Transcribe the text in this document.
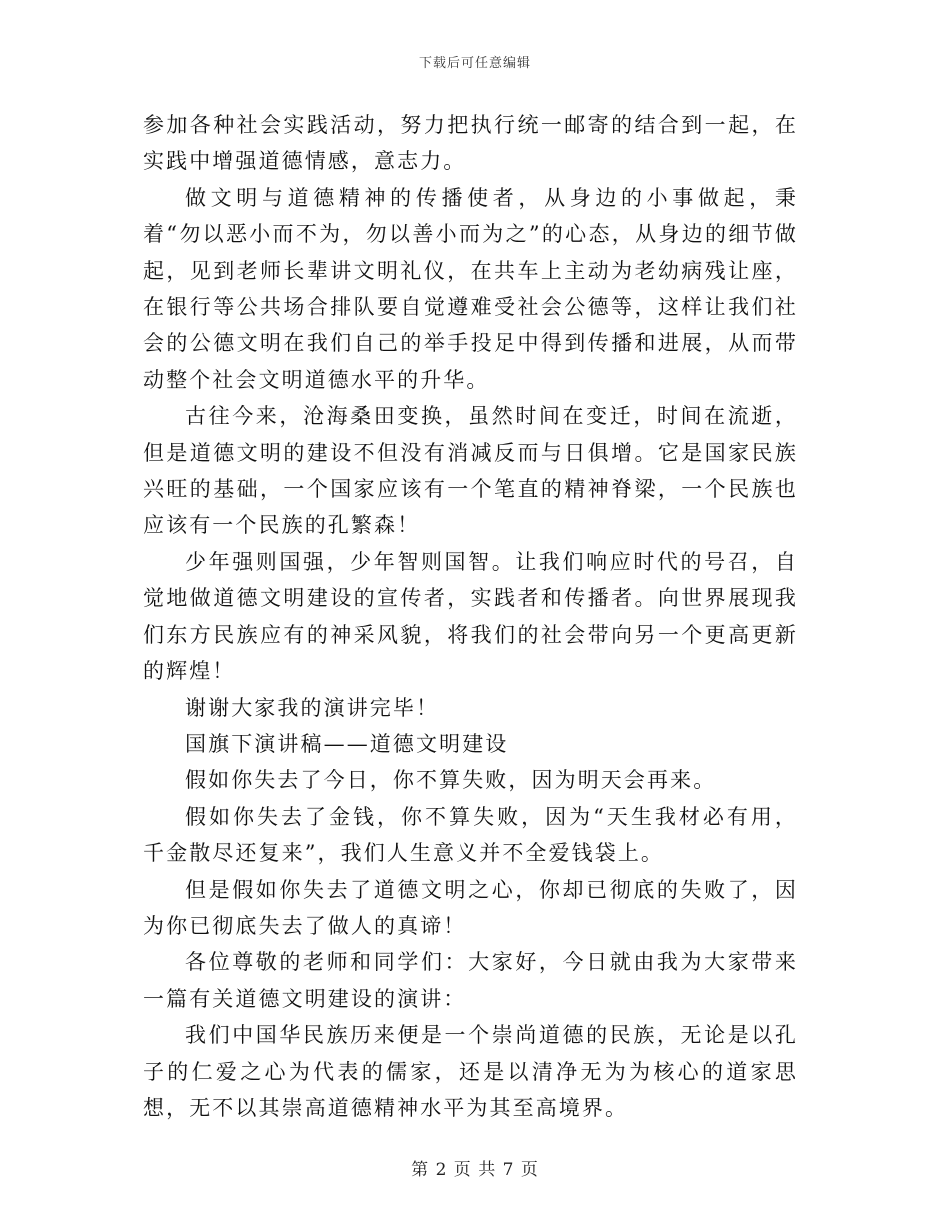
下载后可任意编辑

参加各种社会实践活动，努力把执行统一邮寄的结合到一起，在实践中增强道德情感，意志力。

做文明与道德精神的传播使者，从身边的小事做起，秉着“勿以恶小而不为，勿以善小而为之”的心态，从身边的细节做起，见到老师长辈讲文明礼仪，在共车上主动为老幼病残让座，在银行等公共场合排队要自觉遵难受社会公德等，这样让我们社会的公德文明在我们自己的举手投足中得到传播和进展，从而带动整个社会文明道德水平的升华。

古往今来，沧海桑田变换，虽然时间在变迁，时间在流逝，但是道德文明的建设不但没有消减反而与日俱增。它是国家民族兴旺的基础，一个国家应该有一个笔直的精神脊梁，一个民族也应该有一个民族的孔繁森！

少年强则国强，少年智则国智。让我们响应时代的号召，自觉地做道德文明建设的宣传者，实践者和传播者。向世界展现我们东方民族应有的神采风貌，将我们的社会带向另一个更高更新的辉煌！

谢谢大家我的演讲完毕！

国旗下演讲稿——道德文明建设

假如你失去了今日，你不算失败，因为明天会再来。

假如你失去了金钱，你不算失败，因为“天生我材必有用，千金散尽还复来”，我们人生意义并不全爱钱袋上。

但是假如你失去了道德文明之心，你却已彻底的失败了，因为你已彻底失去了做人的真谛！

各位尊敬的老师和同学们：大家好，今日就由我为大家带来一篇有关道德文明建设的演讲：

我们中国华民族历来便是一个崇尚道德的民族，无论是以孔子的仁爱之心为代表的儒家，还是以清净无为为核心的道家思想，无不以其崇高道德精神水平为其至高境界。

第 2 页 共 7 页
